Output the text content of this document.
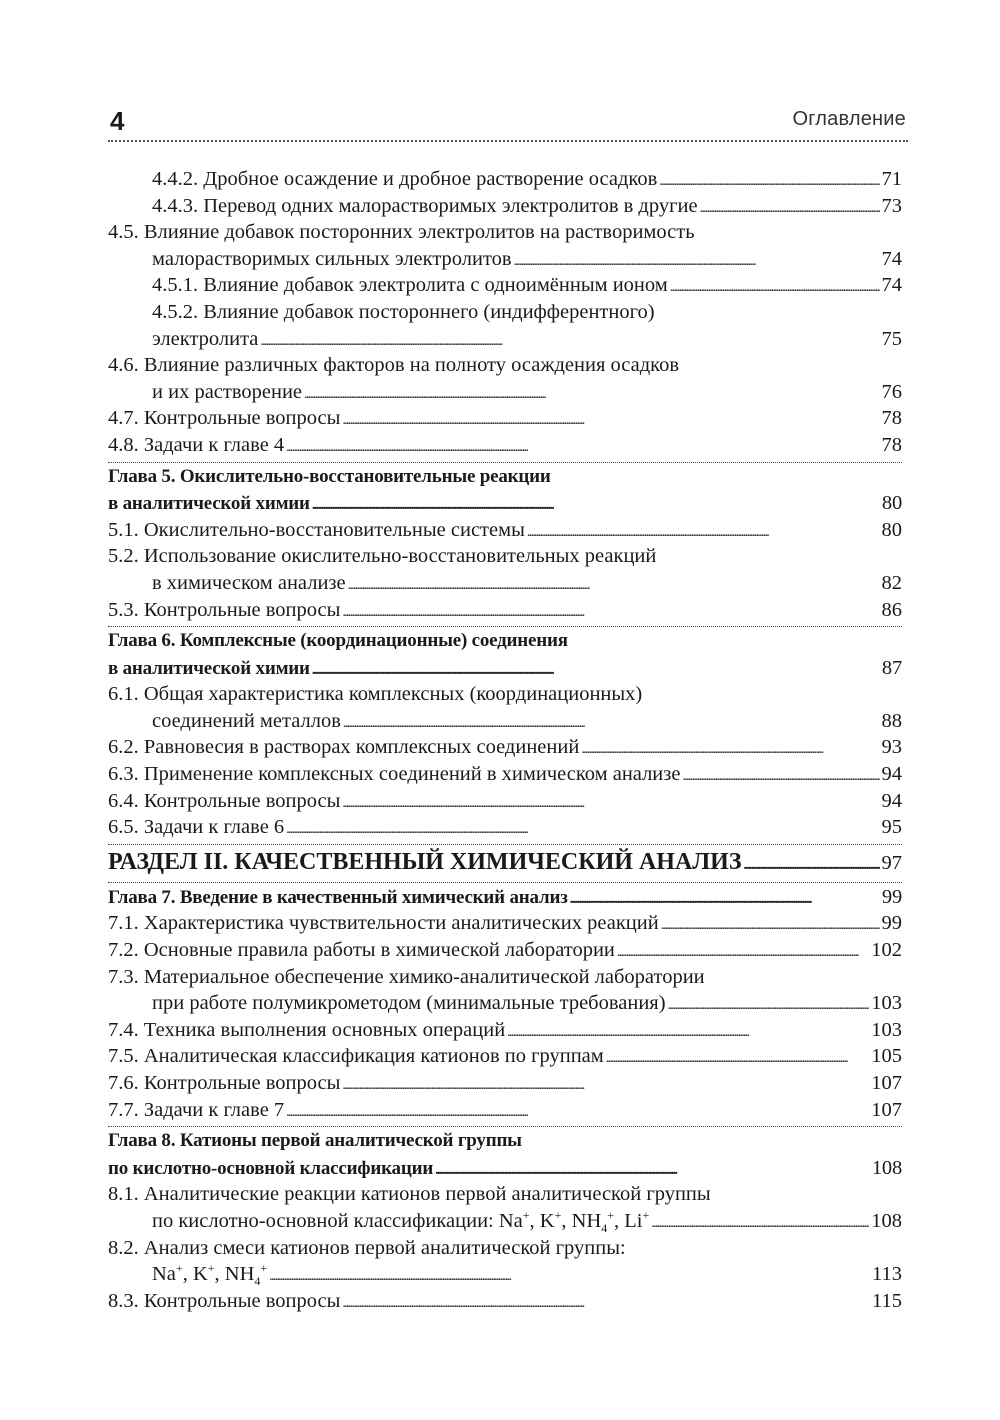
4	Оглавление
4.4.2. Дробное осаждение и дробное растворение осадков . . .	71
4.4.3. Перевод одних малорастворимых электролитов в другие . . .	73
4.5. Влияние добавок посторонних электролитов на растворимость
малорастворимых сильных электролитов . . .	74
4.5.1. Влияние добавок электролита с одноимённым ионом . . .	74
4.5.2. Влияние добавок постороннего (индифферентного)
электролита . . .	75
4.6. Влияние различных факторов на полноту осаждения осадков
и их растворение . . .	76
4.7. Контрольные вопросы . . .	78
4.8. Задачи к главе 4 . . .	78
Глава 5. Окислительно-восстановительные реакции
в аналитической химии . . .	80
5.1. Окислительно-восстановительные системы . . .	80
5.2. Использование окислительно-восстановительных реакций
в химическом анализе . . .	82
5.3. Контрольные вопросы . . .	86
Глава 6. Комплексные (координационные) соединения
в аналитической химии . . .	87
6.1. Общая характеристика комплексных (координационных)
соединений металлов . . .	88
6.2. Равновесия в растворах комплексных соединений . . .	93
6.3. Применение комплексных соединений в химическом анализе . . .	94
6.4. Контрольные вопросы . . .	94
6.5. Задачи к главе 6 . . .	95
РАЗДЕЛ II. КАЧЕСТВЕННЫЙ ХИМИЧЕСКИЙ АНАЛИЗ . . .	97
Глава 7. Введение в качественный химический анализ . . .	99
7.1. Характеристика чувствительности аналитических реакций . . .	99
7.2. Основные правила работы в химической лаборатории . . .	102
7.3. Материальное обеспечение химико-аналитической лаборатории
при работе полумикрометодом (минимальные требования) . . .	103
7.4. Техника выполнения основных операций . . .	103
7.5. Аналитическая классификация катионов по группам . . .	105
7.6. Контрольные вопросы . . .	107
7.7. Задачи к главе 7 . . .	107
Глава 8. Катионы первой аналитической группы
по кислотно-основной классификации . . .	108
8.1. Аналитические реакции катионов первой аналитической группы
по кислотно-основной классификации: Na+, K+, $NH_4^+$, Li+ . . .	108
8.2. Анализ смеси катионов первой аналитической группы:
Na+, K+, $NH_4^+$ . . .	113
8.3. Контрольные вопросы . . .	115
